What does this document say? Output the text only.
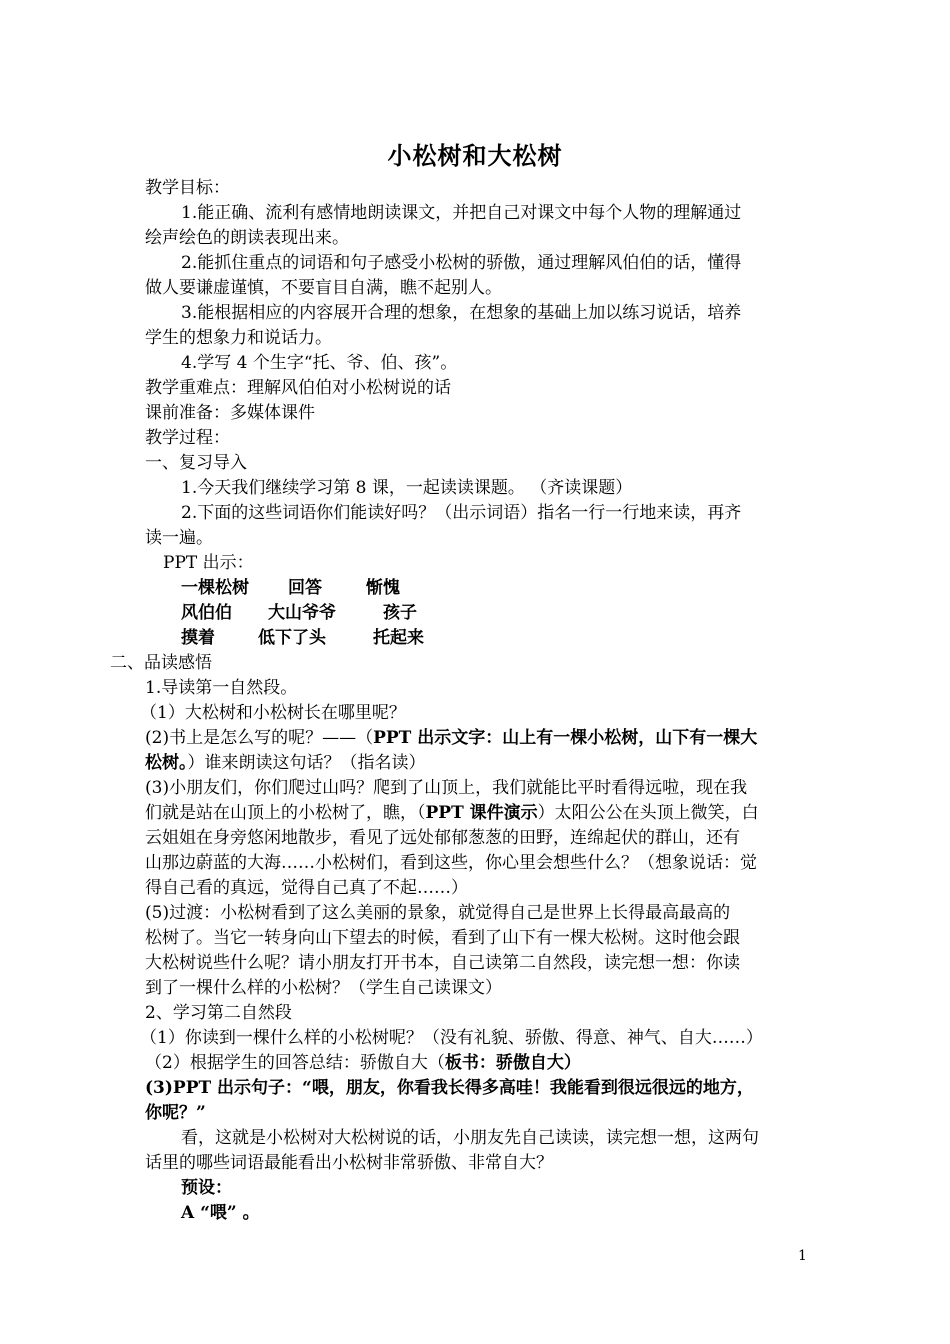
小松树和大松树
教学目标：
1.能正确、流利有感情地朗读课文，并把自己对课文中每个人物的理解通过
绘声绘色的朗读表现出来。
2.能抓住重点的词语和句子感受小松树的骄傲，通过理解风伯伯的话，懂得
做人要谦虚谨慎，不要盲目自满，瞧不起别人。
3.能根据相应的内容展开合理的想象，在想象的基础上加以练习说话，培养
学生的想象力和说话力。
4.学写 4 个生字“托、爷、伯、孩”。
教学重难点：理解风伯伯对小松树说的话
课前准备：多媒体课件
教学过程：
一、复习导入
1.今天我们继续学习第 8 课，一起读读课题。 （齐读课题）
2.下面的这些词语你们能读好吗？（出示词语）指名一行一行地来读，再齐
读一遍。
PPT 出示：
一棵松树 回答	惭愧
风伯伯 大山爷爷	孩子
摸着	低下了头	托起来
二、品读感悟
1.导读第一自然段。
（1）大松树和小松树长在哪里呢？
(2)书上是怎么写的呢？——（PPT 出示文字：山上有一棵小松树，山下有一棵大
松树。）谁来朗读这句话？（指名读）
(3)小朋友们，你们爬过山吗？爬到了山顶上，我们就能比平时看得远啦，现在我
们就是站在山顶上的小松树了，瞧，（PPT 课件演示）太阳公公在头顶上微笑，白
云姐姐在身旁悠闲地散步，看见了远处郁郁葱葱的田野，连绵起伏的群山，还有
山那边蔚蓝的大海……小松树们，看到这些，你心里会想些什么？（想象说话：觉
得自己看的真远，觉得自己真了不起……）
(5)过渡：小松树看到了这么美丽的景象，就觉得自己是世界上长得最高最高的
松树了。当它一转身向山下望去的时候，看到了山下有一棵大松树。这时他会跟
大松树说些什么呢？请小朋友打开书本，自己读第二自然段，读完想一想：你读
到了一棵什么样的小松树？（学生自己读课文）
2、学习第二自然段
（1）你读到一棵什么样的小松树呢？（没有礼貌、骄傲、得意、神气、自大……）
（2）根据学生的回答总结：骄傲自大（板书：骄傲自大）
(3)PPT 出示句子：“喂，朋友，你看我长得多高哇！我能看到很远很远的地方，
你呢？”
看，这就是小松树对大松树说的话，小朋友先自己读读，读完想一想，这两句
话里的哪些词语最能看出小松树非常骄傲、非常自大？
预设：
A “喂” 。
1
